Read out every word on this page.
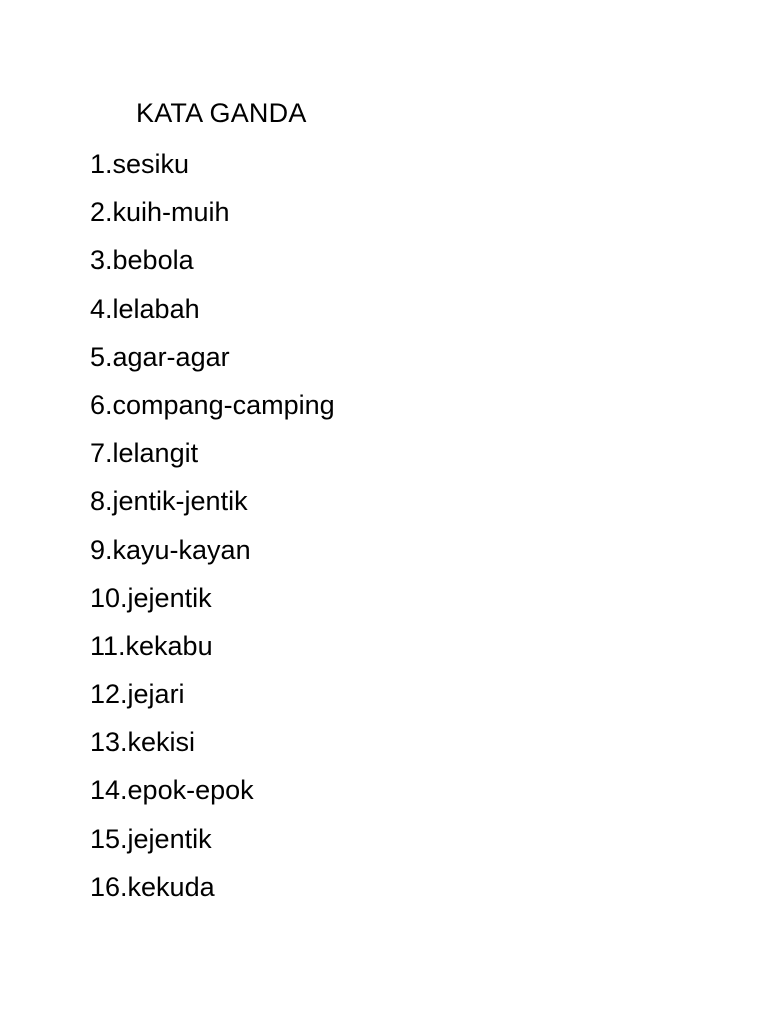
KATA GANDA
1.sesiku
2.kuih-muih
3.bebola
4.lelabah
5.agar-agar
6.compang-camping
7.lelangit
8.jentik-jentik
9.kayu-kayan
10.jejentik
11.kekabu
12.jejari
13.kekisi
14.epok-epok
15.jejentik
16.kekuda
